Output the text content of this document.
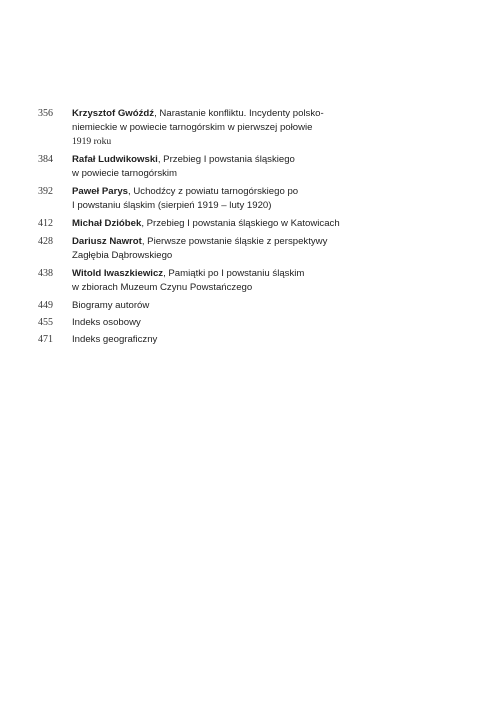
356	Krzysztof Gwóźdź, Narastanie konfliktu. Incydenty polsko-
niemieckie w powiecie tarnogórskim w pierwszej połowie
1919 roku
384	Rafał Ludwikowski, Przebieg I powstania śląskiego
w powiecie tarnogórskim
392	Paweł Parys, Uchodźcy z powiatu tarnogórskiego po
I powstaniu śląskim (sierpień 1919 – luty 1920)
412	Michał Dzióbek, Przebieg I powstania śląskiego w Katowicach
428	Dariusz Nawrot, Pierwsze powstanie śląskie z perspektywy
Zagłębia Dąbrowskiego
438	Witold Iwaszkiewicz, Pamiątki po I powstaniu śląskim
w zbiorach Muzeum Czynu Powstańczego
449	Biogramy autorów
455	Indeks osobowy
471	Indeks geograficzny
